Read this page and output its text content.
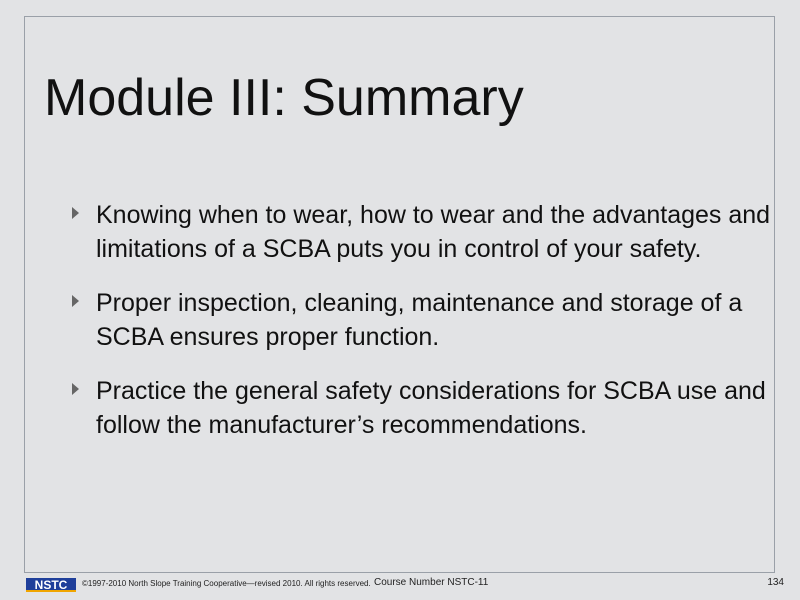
Module III: Summary
Knowing when to wear, how to wear and the advantages and limitations of a SCBA puts you in control of your safety.
Proper inspection, cleaning, maintenance and storage of a SCBA ensures proper function.
Practice the general safety considerations for SCBA use and follow the manufacturer’s recommendations.
NSTC ©1997-2010 North Slope Training Cooperative—revised 2010. All rights reserved. Course Number NSTC-11	134
